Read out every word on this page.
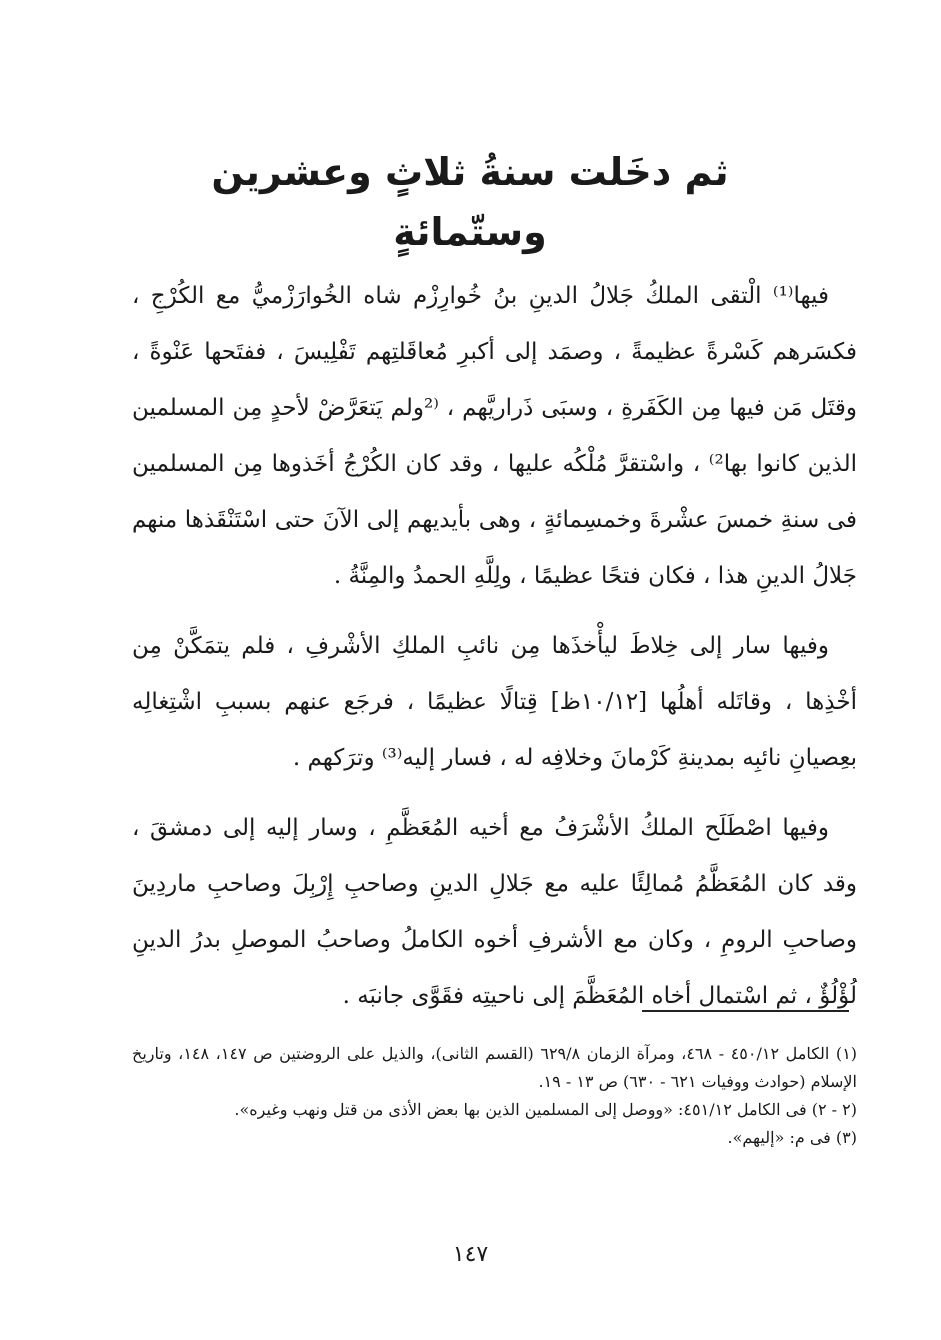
ثم دخَلت سنةُ ثلاثٍ وعشرين وستّمائةٍ

فيها⁽¹⁾ الْتقى الملكُ جَلالُ الدينِ بنُ خُوارِزْم شاه الخُوارَزْميُّ مع الكُرْجِ ، فكسَرهم كَسْرةً عظيمةً ، وصمَد إلى أكبرِ مُعاقَلتِهم تَفْلِيسَ ، ففتَحها عَنْوةً ، وقتَل مَن فيها مِن الكَفَرةِ ، وسبَى ذَراريَّهم ، ⁽²ولم يَتعَرَّضْ لأحدٍ مِن المسلمين الذين كانوا بها²⁾ ، واسْتقرَّ مُلْكُه عليها ، وقد كان الكُرْجُ أخَذوها مِن المسلمين فى سنةِ خمسَ عشْرةَ وخمسِمائةٍ ، وهى بأيديهم إلى الآنَ حتى اسْتَنْقَذها منهم جَلالُ الدينِ هذا ، فكان فتحًا عظيمًا ، ولِلَّهِ الحمدُ والمِنَّةُ .

وفيها سار إلى خِلاطَ ليأْخذَها مِن نائبِ الملكِ الأشْرفِ ، فلم يتمَكَّنْ مِن أخْذِها ، وقاتَله أهلُها [١٠/١٢ظ] قِتالًا عظيمًا ، فرجَع عنهم بسببِ اشْتِغالِه بعِصيانِ نائبِه بمدينةِ كَرْمانَ وخلافِه له ، فسار إليه⁽³⁾ وترَكهم .

وفيها اصْطَلَح الملكُ الأشْرَفُ مع أخيه المُعَظَّمِ ، وسار إليه إلى دمشقَ ، وقد كان المُعَظَّمُ مُمالِئًا عليه مع جَلالِ الدينِ وصاحبِ إِرْبِلَ وصاحبِ ماردِينَ وصاحبِ الرومِ ، وكان مع الأشرفِ أخوه الكاملُ وصاحبُ الموصلِ بدرُ الدينِ لُؤْلُؤٌ ، ثم اسْتمال أخاه المُعَظَّمَ إلى ناحيتِه فقَوَّى جانبَه .

(١) الكامل ٤٥٠/١٢ - ٤٦٨، ومرآة الزمان ٦٢٩/٨ (القسم الثانى)، والذيل على الروضتين ص ١٤٧، ١٤٨، وتاريخ الإسلام (حوادث ووفيات ٦٢١ - ٦٣٠) ص ١٣ - ١٩.

(٢ - ٢) فى الكامل ٤٥١/١٢: «ووصل إلى المسلمين الذين بها بعض الأذى من قتل ونهب وغيره».

(٣) فى م: «إليهم».

١٤٧
